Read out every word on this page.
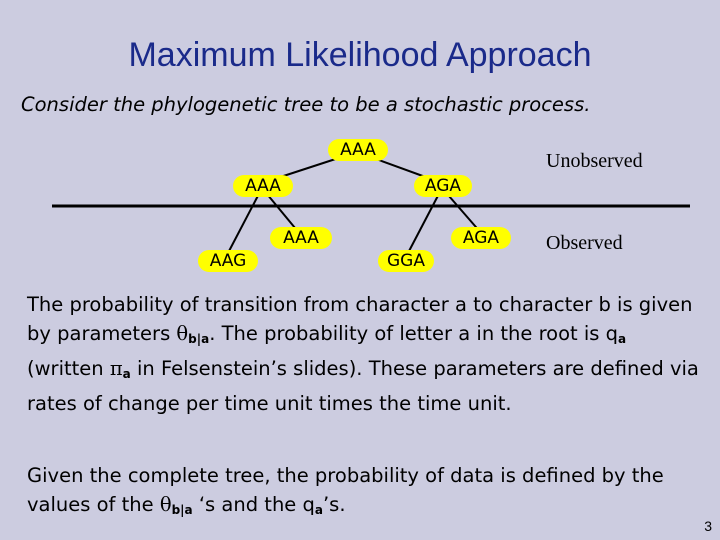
Maximum Likelihood Approach
Consider the phylogenetic tree to be a stochastic process.
AAA
AAA	AGA
AAG
AAA
GGA
AGA
Unobserved
Observed
The probability of transition from character a to character b is given by parameters $\theta_{b|a}$. The probability of letter a in the root is $q_a$ (written $\pi_a$ in Felsenstein’s slides). These parameters are defined via rates of change per time unit times the time unit.
Given the complete tree, the probability of data is defined by the values of the $\theta_{b|a}$ ‘s and the $q_a’s$.
3
